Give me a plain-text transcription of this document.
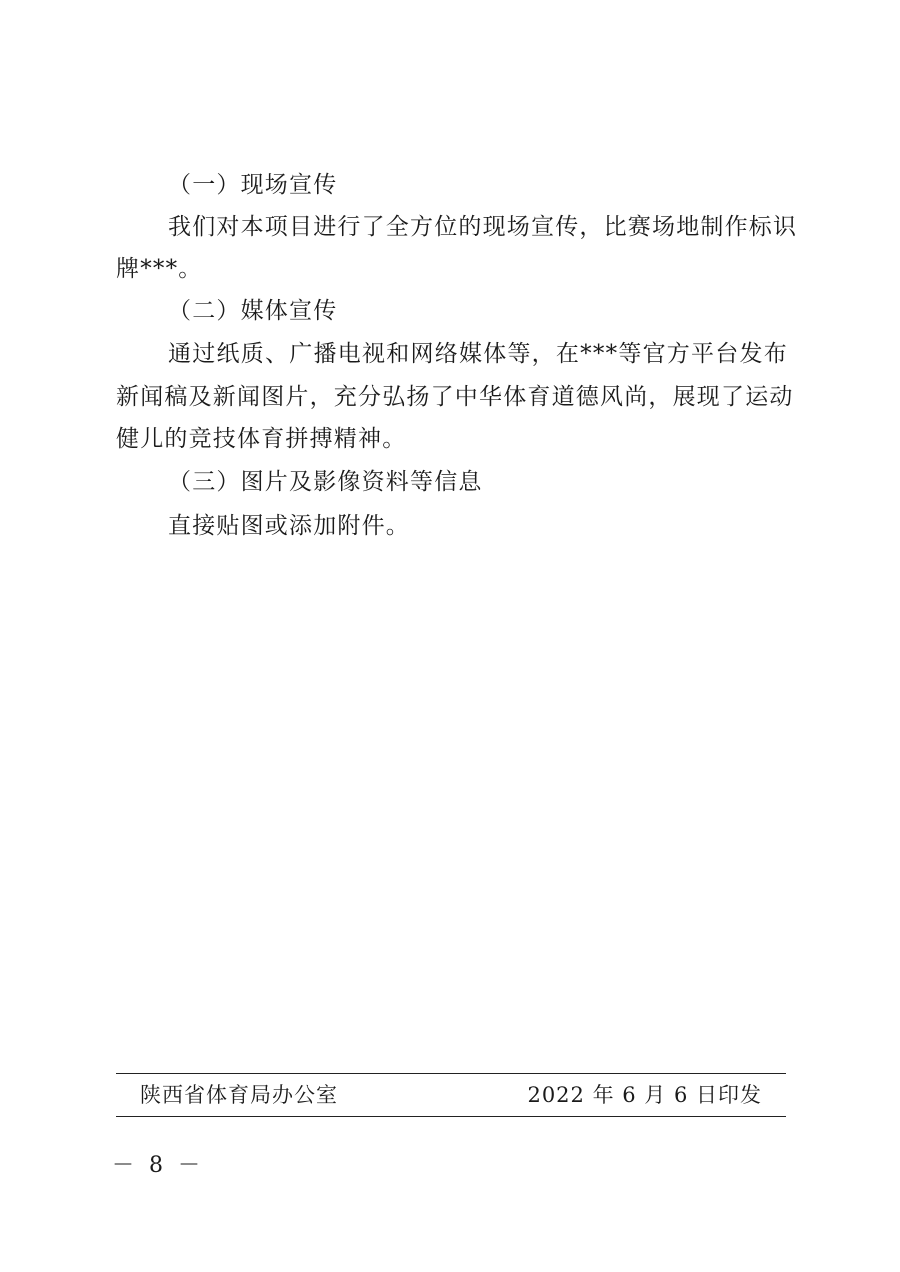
（一）现场宣传
我们对本项目进行了全方位的现场宣传，比赛场地制作标识
牌***。
（二）媒体宣传
通过纸质、广播电视和网络媒体等，在***等官方平台发布
新闻稿及新闻图片，充分弘扬了中华体育道德风尚，展现了运动
健儿的竞技体育拼搏精神。
（三）图片及影像资料等信息
直接贴图或添加附件。
陕西省体育局办公室	2022 年 6 月 6 日印发
－ 8 －
